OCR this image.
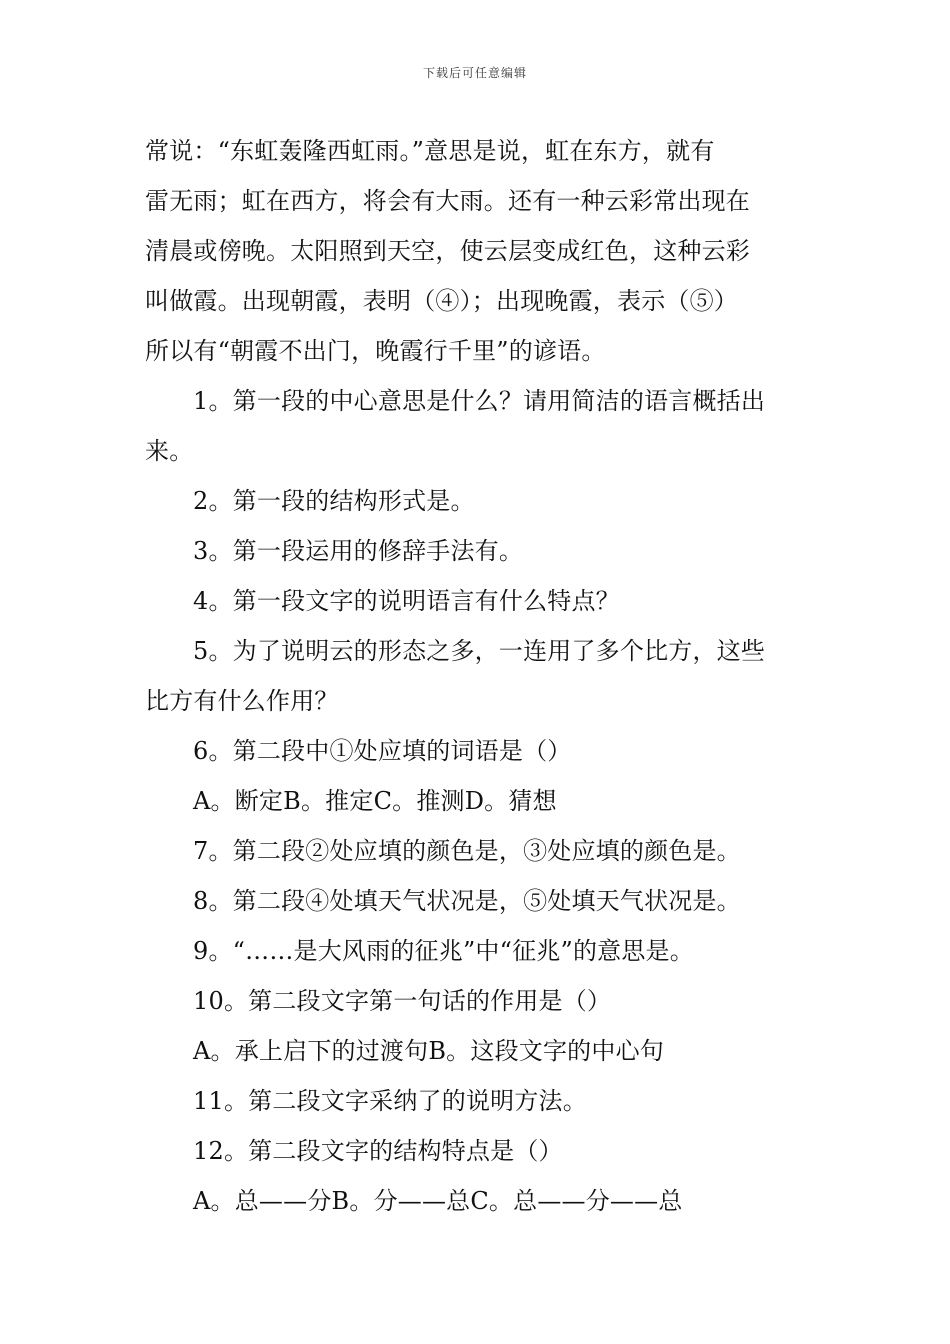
下载后可任意编辑

常说：“东虹轰隆西虹雨。”意思是说，虹在东方，就有

雷无雨；虹在西方，将会有大雨。还有一种云彩常出现在

清晨或傍晚。太阳照到天空，使云层变成红色，这种云彩

叫做霞。出现朝霞，表明（④）；出现晚霞，表示（⑤）

所以有“朝霞不出门，晚霞行千里”的谚语。

1。第一段的中心意思是什么？请用简洁的语言概括出

来。

2。第一段的结构形式是。

3。第一段运用的修辞手法有。

4。第一段文字的说明语言有什么特点？

5。为了说明云的形态之多，一连用了多个比方，这些

比方有什么作用？

6。第二段中①处应填的词语是（）

A。断定B。推定C。推测D。猜想

7。第二段②处应填的颜色是，③处应填的颜色是。

8。第二段④处填天气状况是，⑤处填天气状况是。

9。“……是大风雨的征兆”中“征兆”的意思是。

10。第二段文字第一句话的作用是（）

A。承上启下的过渡句B。这段文字的中心句

11。第二段文字采纳了的说明方法。

12。第二段文字的结构特点是（）

A。总——分B。分——总C。总——分——总
